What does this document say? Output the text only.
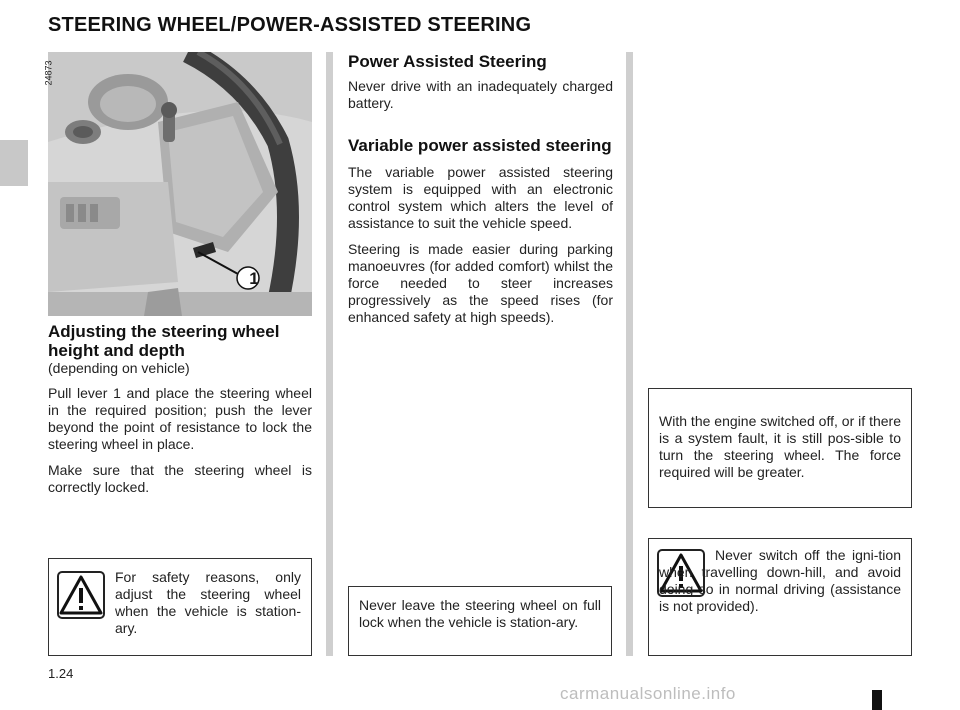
STEERING WHEEL/POWER-ASSISTED STEERING
1
24873
Adjusting the steering wheel height and depth
(depending on vehicle)

Pull lever 1 and place the steering wheel in the required position; push the lever beyond the point of resistance to lock the steering wheel in place.

Make sure that the steering wheel is correctly locked.

For safety reasons, only adjust the steering wheel when the vehicle is station-ary.

Power Assisted Steering

Never drive with an inadequately charged battery.

Variable power assisted steering

The variable power assisted steering system is equipped with an electronic control system which alters the level of assistance to suit the vehicle speed.

Steering is made easier during parking manoeuvres (for added comfort) whilst the force needed to steer increases progressively as the speed rises (for enhanced safety at high speeds).

Never leave the steering wheel on full lock when the vehicle is station-ary.

With the engine switched off, or if there is a system fault, it is still pos-sible to turn the steering wheel. The force required will be greater.

Never switch off the igni-tion when travelling down-hill, and avoid doing so in normal driving (assistance is not provided).

1.24
carmanualsonline.info
